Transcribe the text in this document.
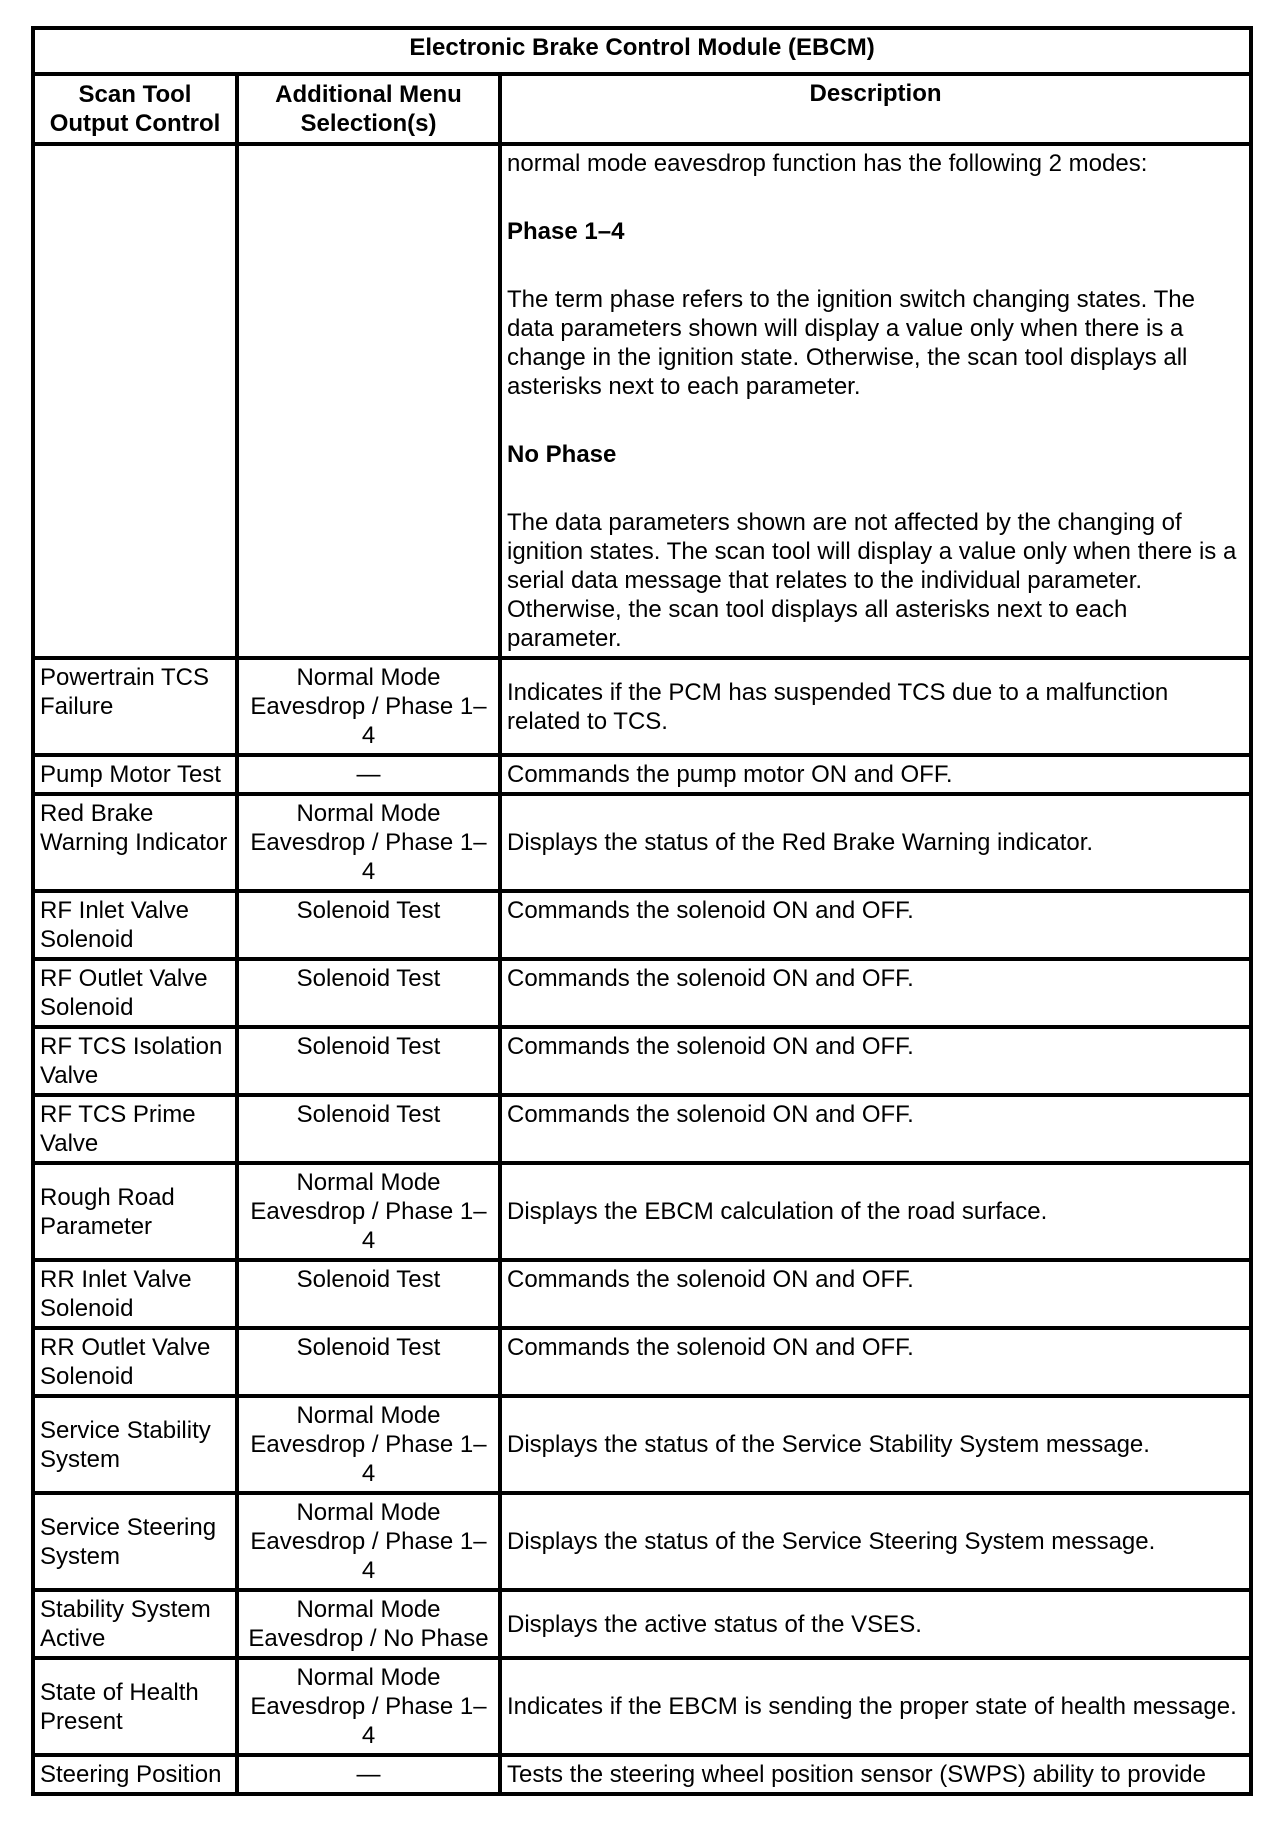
Electronic Brake Control Module (EBCM)		
Scan Tool Output Control	Additional Menu Selection(s)	Description

		normal mode eavesdrop function has the following 2 modes:

Phase 1–4

The term phase refers to the ignition switch changing states. The data parameters shown will display a value only when there is a change in the ignition state. Otherwise, the scan tool displays all asterisks next to each parameter.

No Phase

The data parameters shown are not affected by the changing of ignition states. The scan tool will display a value only when there is a serial data message that relates to the individual parameter. Otherwise, the scan tool displays all asterisks next to each parameter.

Powertrain TCS Failure	Normal Mode Eavesdrop / Phase 1–4	Indicates if the PCM has suspended TCS due to a malfunction related to TCS.
Pump Motor Test	—	Commands the pump motor ON and OFF.
Red Brake Warning Indicator	Normal Mode Eavesdrop / Phase 1–4	Displays the status of the Red Brake Warning indicator.
RF Inlet Valve Solenoid	Solenoid Test	Commands the solenoid ON and OFF.
RF Outlet Valve Solenoid	Solenoid Test	Commands the solenoid ON and OFF.
RF TCS Isolation Valve	Solenoid Test	Commands the solenoid ON and OFF.
RF TCS Prime Valve	Solenoid Test	Commands the solenoid ON and OFF.
Rough Road Parameter	Normal Mode Eavesdrop / Phase 1–4	Displays the EBCM calculation of the road surface.
RR Inlet Valve Solenoid	Solenoid Test	Commands the solenoid ON and OFF.
RR Outlet Valve Solenoid	Solenoid Test	Commands the solenoid ON and OFF.
Service Stability System	Normal Mode Eavesdrop / Phase 1–4	Displays the status of the Service Stability System message.
Service Steering System	Normal Mode Eavesdrop / Phase 1–4	Displays the status of the Service Steering System message.
Stability System Active	Normal Mode Eavesdrop / No Phase	Displays the active status of the VSES.
State of Health Present	Normal Mode Eavesdrop / Phase 1–4	Indicates if the EBCM is sending the proper state of health message.
Steering Position	—	Tests the steering wheel position sensor (SWPS) ability to provide
